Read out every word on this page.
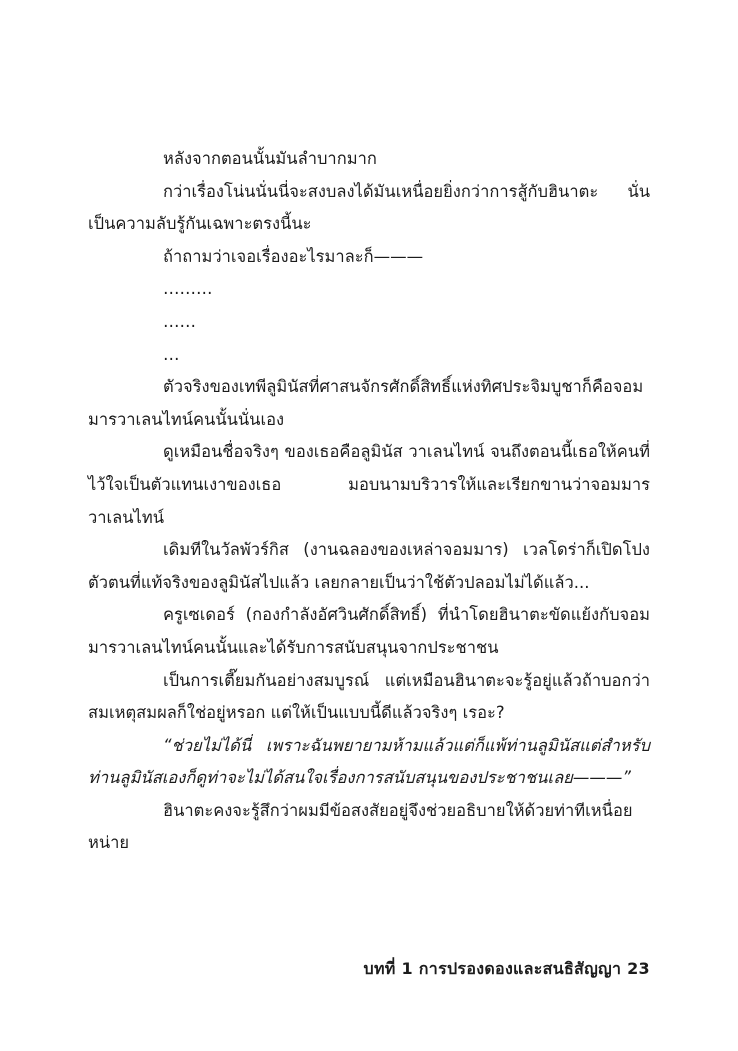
หลังจากตอนนั้นมันลำบากมาก

กว่าเรื่องโน่นนั่นนี่จะสงบลงได้มันเหนื่อยยิ่งกว่าการสู้กับฮินาตะ นั่นเป็นความลับรู้กันเฉพาะตรงนี้นะ

ถ้าถามว่าเจอเรื่องอะไรมาละก็———

………

……

…

ตัวจริงของเทพีลูมินัสที่ศาสนจักรศักดิ์สิทธิ์แห่งทิศประจิมบูชาก็คือจอมมารวาเลนไทน์คนนั้นนั่นเอง

ดูเหมือนชื่อจริงๆ ของเธอคือลูมินัส วาเลนไทน์ จนถึงตอนนี้เธอให้คนที่ไว้ใจเป็นตัวแทนเงาของเธอ มอบนามบริวารให้และเรียกขานว่าจอมมารวาเลนไทน์

เดิมทีในวัลพัวร์กิส (งานฉลองของเหล่าจอมมาร) เวลโดร่าก็เปิดโปงตัวตนที่แท้จริงของลูมินัสไปแล้ว เลยกลายเป็นว่าใช้ตัวปลอมไม่ได้แล้ว...

ครูเซเดอร์ (กองกำลังอัศวินศักดิ์สิทธิ์) ที่นำโดยฮินาตะขัดแย้งกับจอมมารวาเลนไทน์คนนั้นและได้รับการสนับสนุนจากประชาชน

เป็นการเตี๊ยมกันอย่างสมบูรณ์ แต่เหมือนฮินาตะจะรู้อยู่แล้วถ้าบอกว่าสมเหตุสมผลก็ใช่อยู่หรอก แต่ให้เป็นแบบนี้ดีแล้วจริงๆ เรอะ?

“ช่วยไม่ได้นี่ เพราะฉันพยายามห้ามแล้วแต่ก็แพ้ท่านลูมินัสแต่สำหรับท่านลูมินัสเองก็ดูท่าจะไม่ได้สนใจเรื่องการสนับสนุนของประชาชนเลย———”

ฮินาตะคงจะรู้สึกว่าผมมีข้อสงสัยอยู่จึงช่วยอธิบายให้ด้วยท่าทีเหนื่อยหน่าย

บทที่ 1 การปรองดองและสนธิสัญญา 23
